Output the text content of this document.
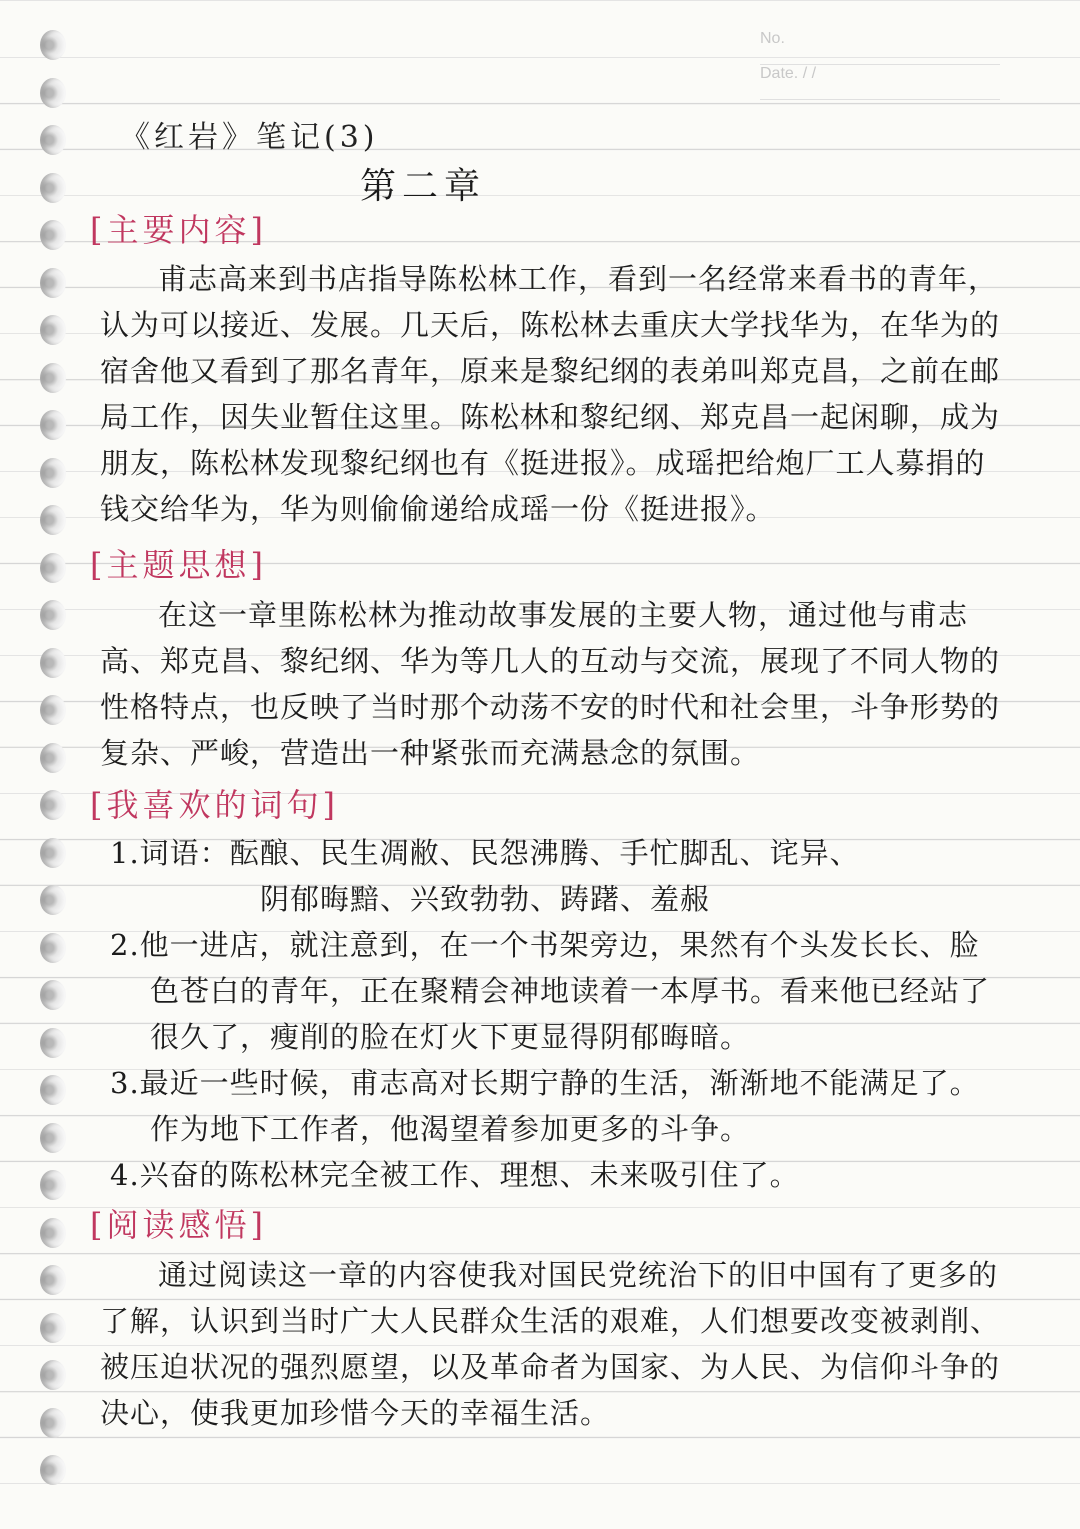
No.
Date. / /
《红岩》笔记(3)
第二章
[主要内容]

甫志高来到书店指导陈松林工作，看到一名经常来看书的青年，认为可以接近、发展。几天后，陈松林去重庆大学找华为，在华为的宿舍他又看到了那名青年，原来是黎纪纲的表弟叫郑克昌，之前在邮局工作，因失业暂住这里。陈松林和黎纪纲、郑克昌一起闲聊，成为朋友，陈松林发现黎纪纲也有《挺进报》。成瑶把给炮厂工人募捐的钱交给华为，华为则偷偷递给成瑶一份《挺进报》。

[主题思想]

在这一章里陈松林为推动故事发展的主要人物，通过他与甫志高、郑克昌、黎纪纲、华为等几人的互动与交流，展现了不同人物的性格特点，也反映了当时那个动荡不安的时代和社会里，斗争形势的复杂、严峻，营造出一种紧张而充满悬念的氛围。

[我喜欢的词句]

1.词语：酝酿、民生凋敝、民怨沸腾、手忙脚乱、诧异、

阴郁晦黯、兴致勃勃、踌躇、羞赧

2.他一进店，就注意到，在一个书架旁边，果然有个头发长长、脸色苍白的青年，正在聚精会神地读着一本厚书。看来他已经站了很久了，瘦削的脸在灯火下更显得阴郁晦暗。

3.最近一些时候，甫志高对长期宁静的生活，渐渐地不能满足了。作为地下工作者，他渴望着参加更多的斗争。

4.兴奋的陈松林完全被工作、理想、未来吸引住了。

[阅读感悟]

通过阅读这一章的内容使我对国民党统治下的旧中国有了更多的了解，认识到当时广大人民群众生活的艰难，人们想要改变被剥削、被压迫状况的强烈愿望，以及革命者为国家、为人民、为信仰斗争的决心，使我更加珍惜今天的幸福生活。
